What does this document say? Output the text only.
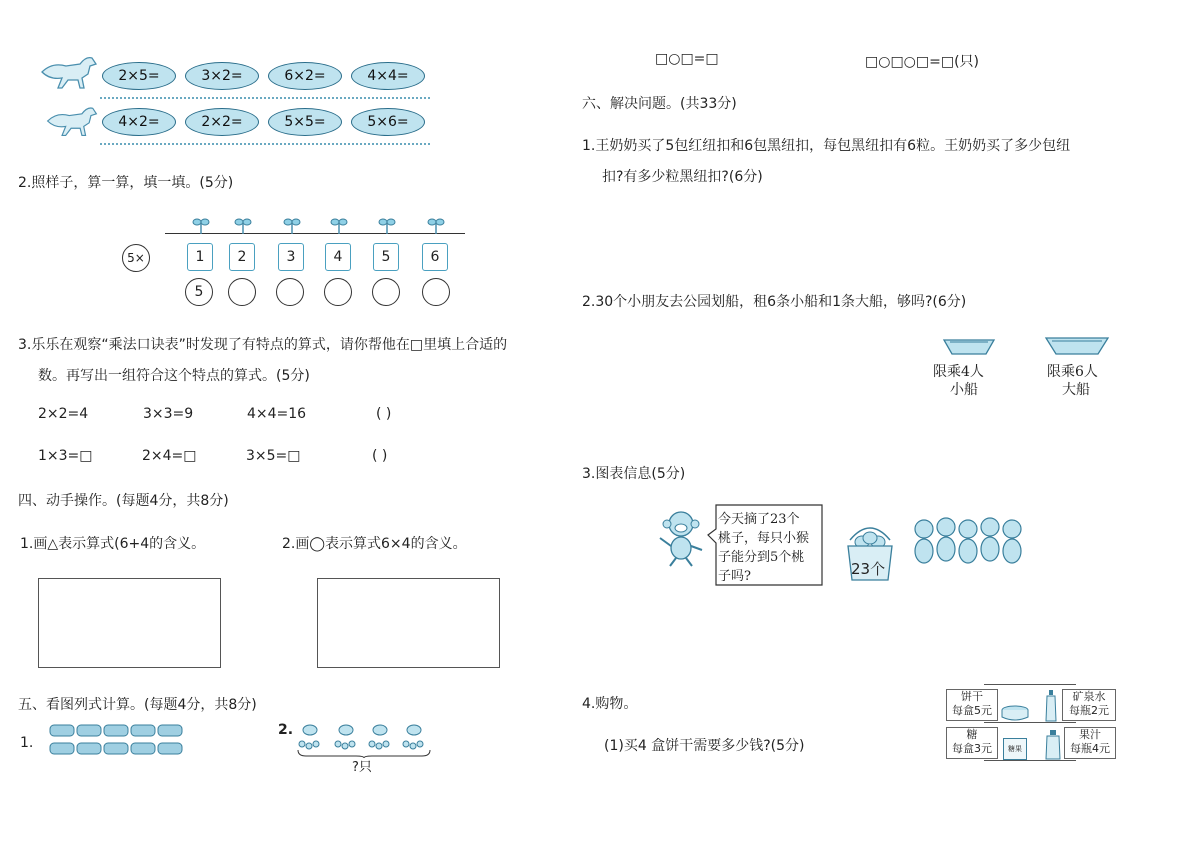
2×5=	3×2=	6×2=	4×4=
4×2=	2×2=	5×5=	5×6=
2.照样子，算一算，填一填。(5分)
5×	1	2	3	4	5	6
5
3.乐乐在观察“乘法口诀表”时发现了有特点的算式，请你帮他在□里填上合适的
数。再写出一组符合这个特点的算式。(5分)
2×2=4	3×3=9	4×4=16	( )
1×3=□	2×4=□	3×5=□	( )
四、动手操作。(每题4分，共8分)
1.画△表示算式(6+4的含义。	2.画◯表示算式6×4的含义。
五、看图列式计算。(每题4分，共8分)
1.
2.
?只
□○□=□	□○□○□=□(只)
六、解决问题。(共33分)
1.王奶奶买了5包红纽扣和6包黑纽扣，每包黑纽扣有6粒。王奶奶买了多少包纽
扣?有多少粒黑纽扣?(6分)
2.30个小朋友去公园划船，租6条小船和1条大船，够吗?(6分)
限乘4人
小船
限乘6人
大船
3.图表信息(5分)
今天摘了23个
桃子，每只小猴
子能分到5个桃
子吗?	23个
4.购物。
(1)买4 盒饼干需要多少钱?(5分)
饼干
每盒5元
矿泉水
每瓶2元
糖
每盒3元	糖果
果汁
每瓶4元
